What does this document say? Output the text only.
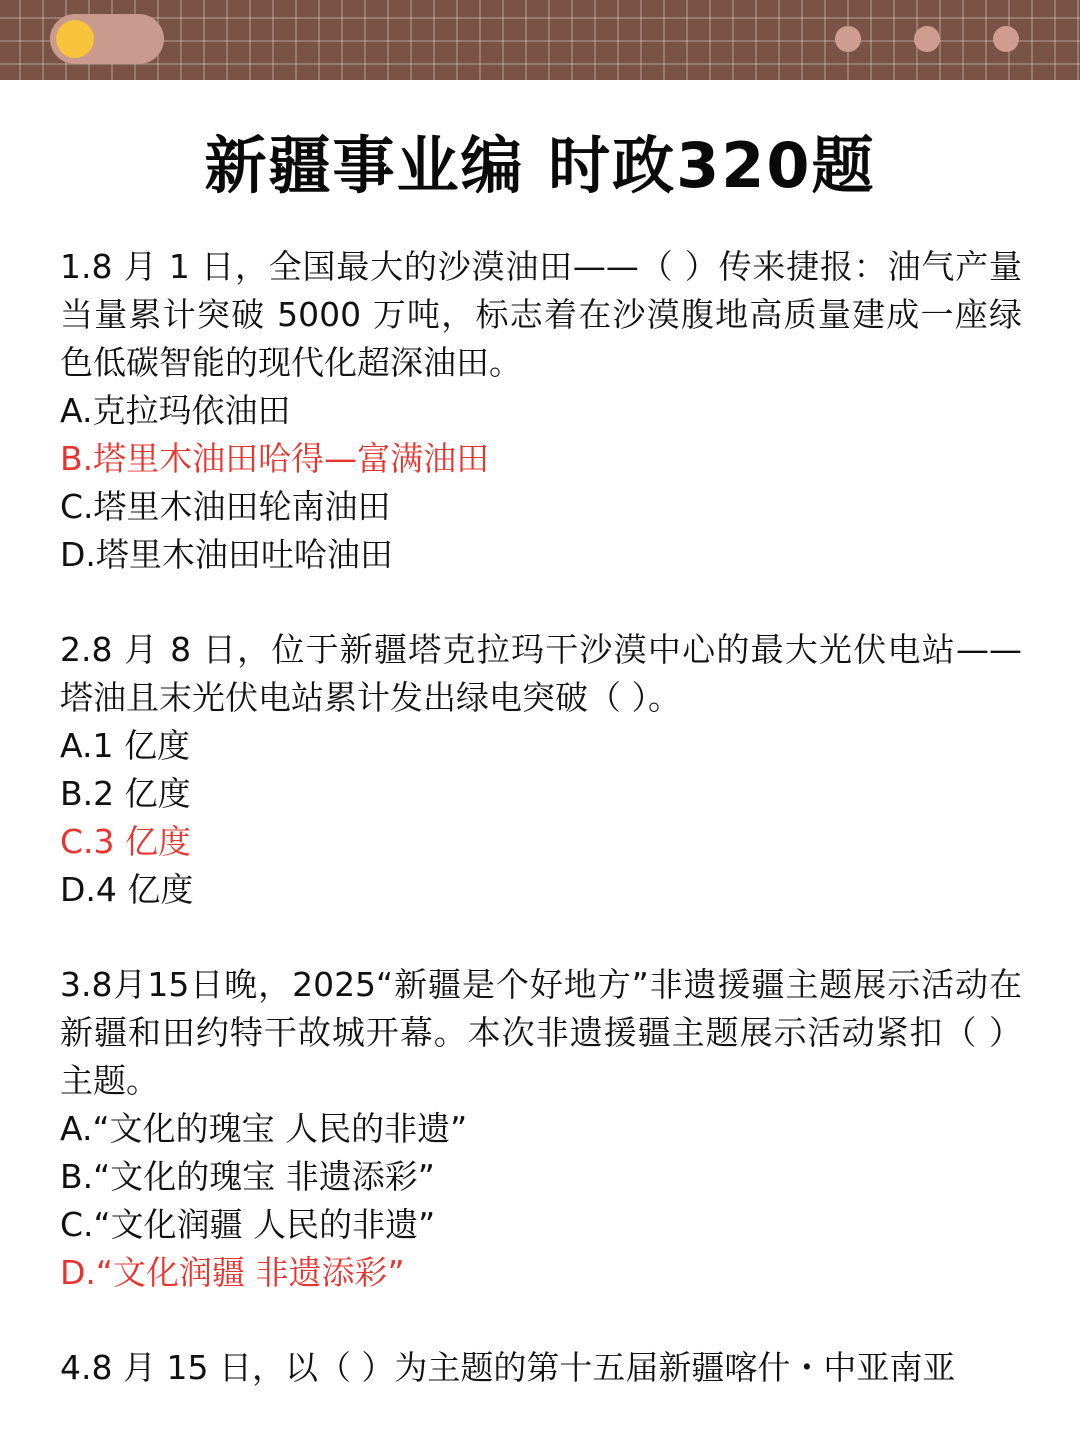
新疆事业编 时政320题
1.8 月 1 日，全国最大的沙漠油田——（ ）传来捷报：油气产量当量累计突破 5000 万吨，标志着在沙漠腹地高质量建成一座绿色低碳智能的现代化超深油田。
A.克拉玛依油田
B.塔里木油田哈得—富满油田
C.塔里木油田轮南油田
D.塔里木油田吐哈油田
2.8 月 8 日，位于新疆塔克拉玛干沙漠中心的最大光伏电站——塔油且末光伏电站累计发出绿电突破（ ）。
A.1 亿度
B.2 亿度
C.3 亿度
D.4 亿度
3.8月15日晚，2025“新疆是个好地方”非遗援疆主题展示活动在新疆和田约特干故城开幕。本次非遗援疆主题展示活动紧扣（ ）主题。
A.“文化的瑰宝 人民的非遗”
B.“文化的瑰宝 非遗添彩”
C.“文化润疆 人民的非遗”
D.“文化润疆 非遗添彩”
4.8 月 15 日，以（ ）为主题的第十五届新疆喀什・中亚南亚
